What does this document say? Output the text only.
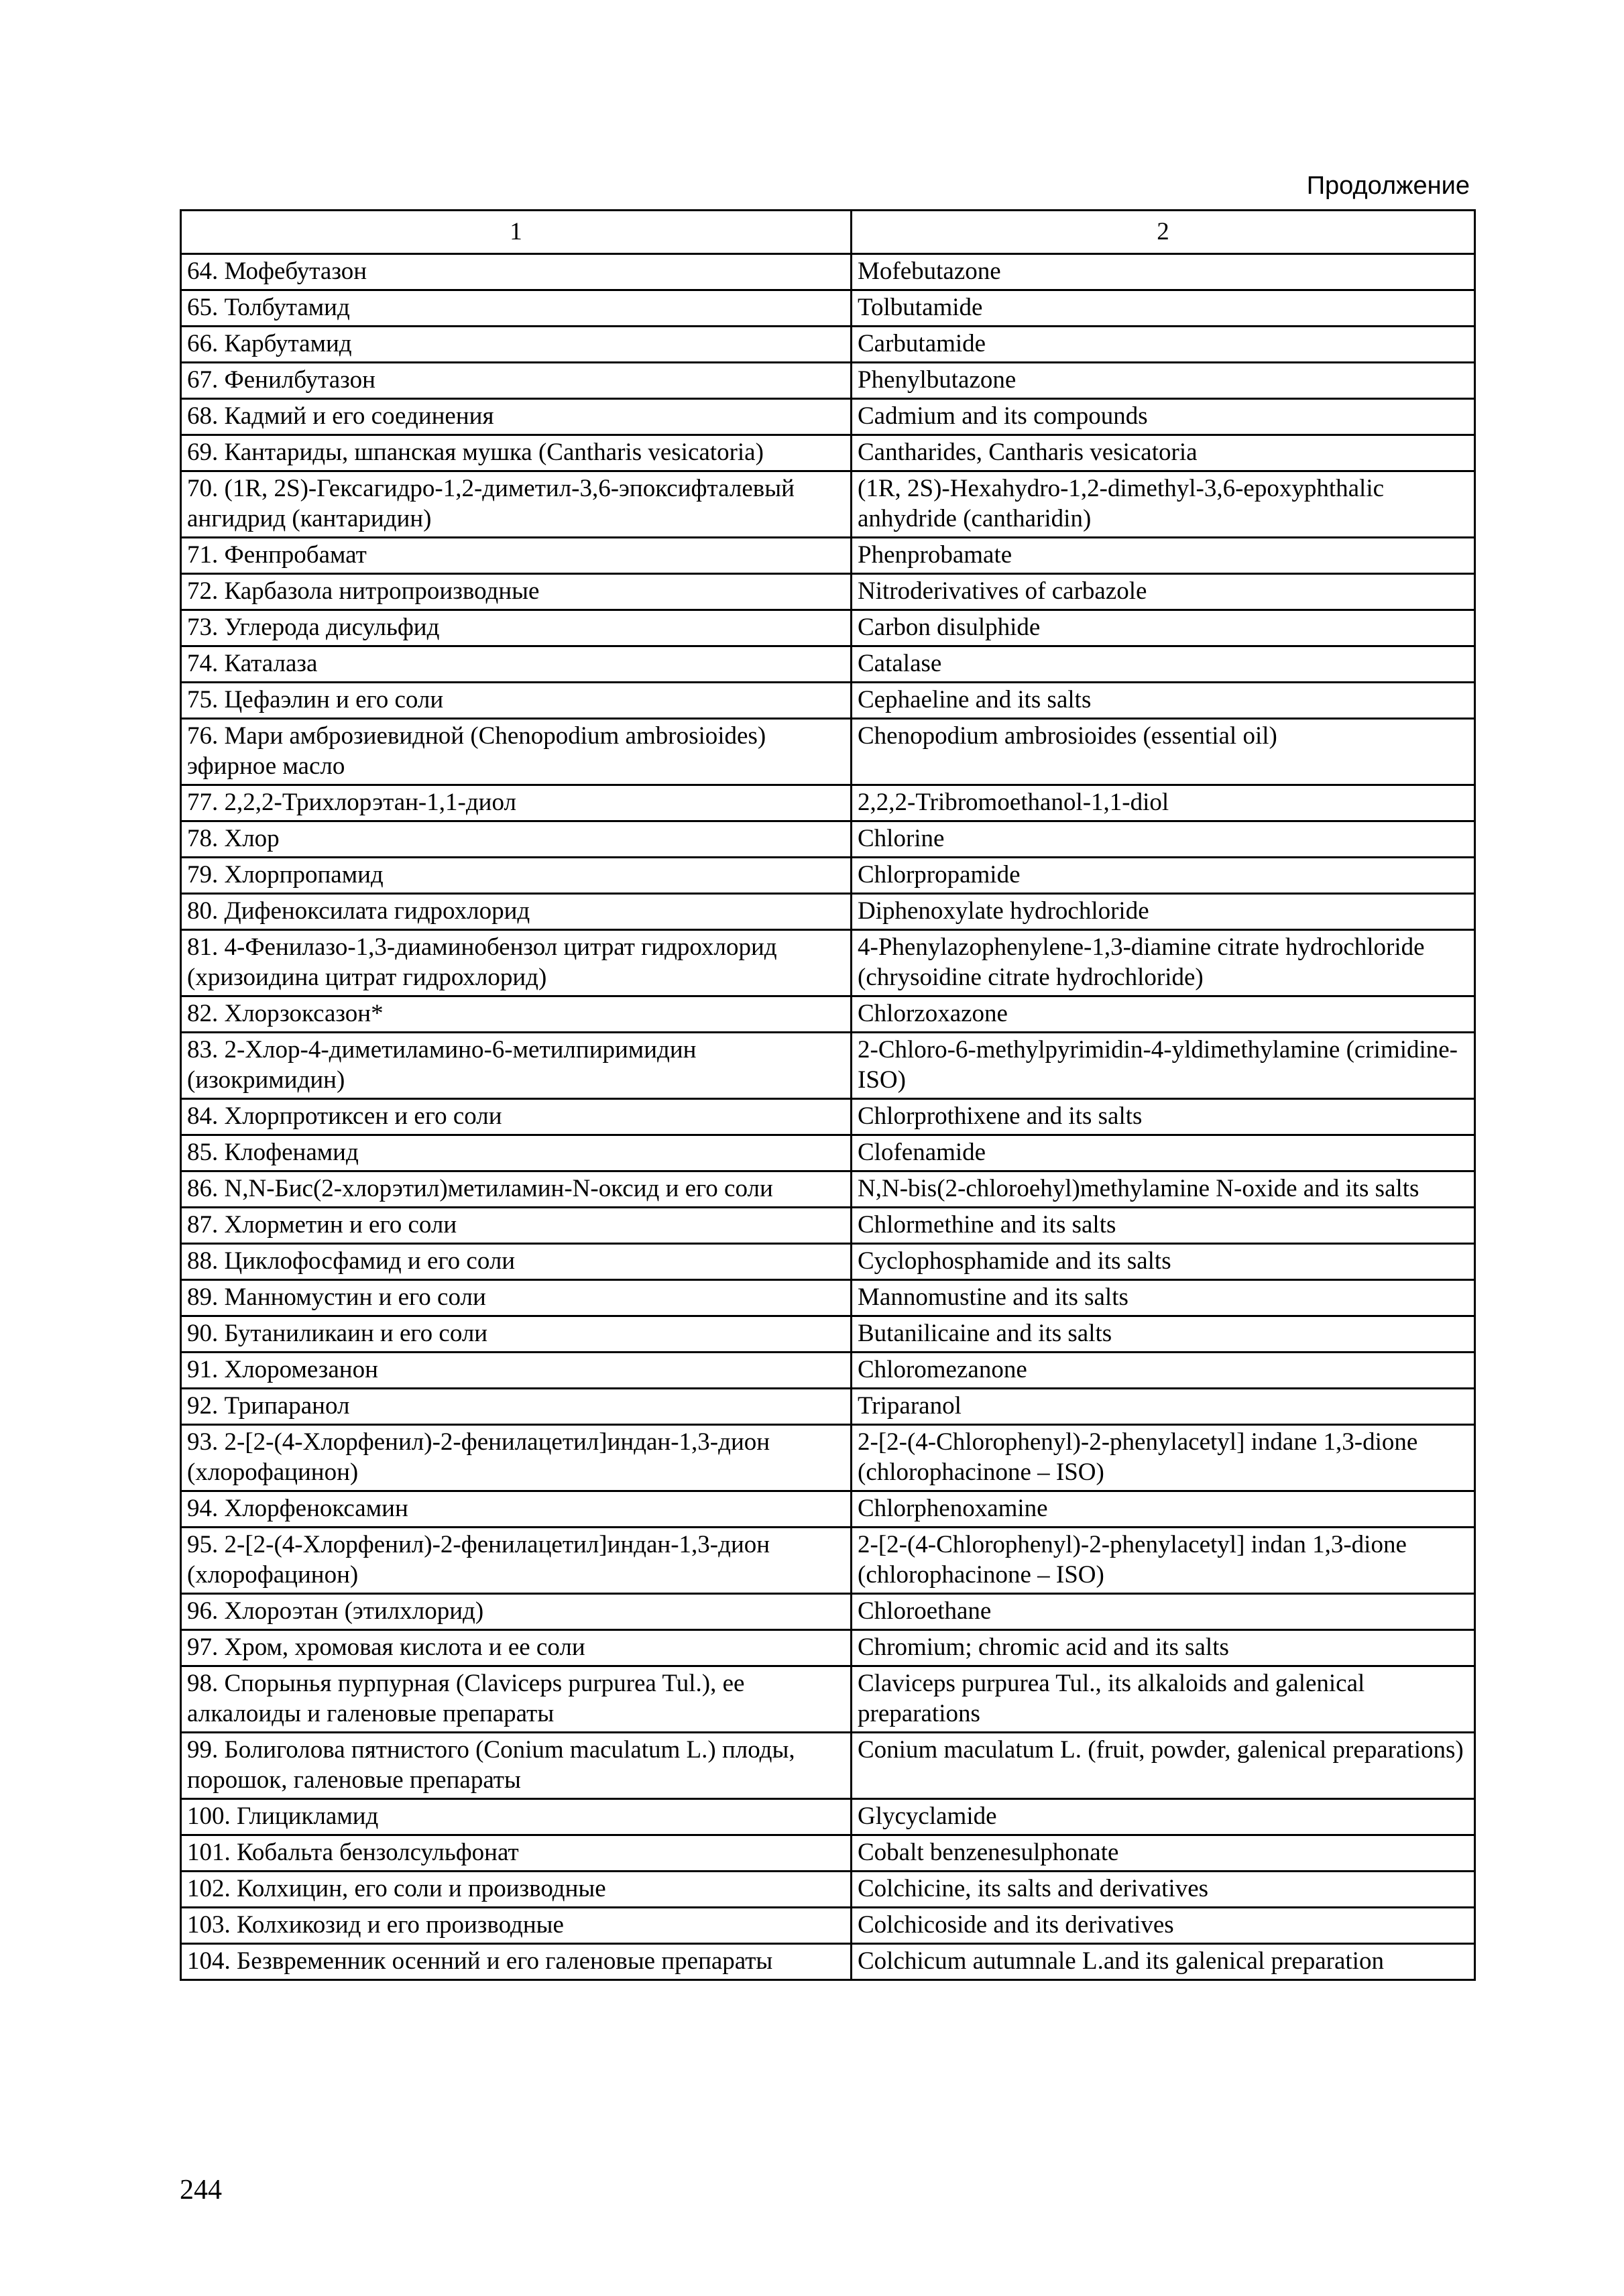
Продолжение
1	2
64. Мофебутазон	Mofebutazone
65. Толбутамид	Tolbutamide
66. Карбутамид	Carbutamide
67. Фенилбутазон	Phenylbutazone
68. Кадмий и его соединения	Cadmium and its compounds
69. Кантариды, шпанская мушка (Cantharis vesicatoria)	Cantharides, Cantharis vesicatoria
70. (1R, 2S)-Гексагидро-1,2-диметил-3,6-эпоксифталевый ангидрид (кантаридин)	(1R, 2S)-Hexahydro-1,2-dimethyl-3,6-epoxyphthalic anhydride (cantharidin)
71. Фенпробамат	Phenprobamate
72. Карбазола нитропроизводные	Nitroderivatives of carbazole
73. Углерода дисульфид	Carbon disulphide
74. Каталаза	Catalase
75. Цефаэлин и его соли	Cephaeline and its salts
76. Мари амброзиевидной (Chenopodium ambrosioides) эфирное масло	Chenopodium ambrosioides (essential oil)
77. 2,2,2-Трихлорэтан-1,1-диол	2,2,2-Tribromoethanol-1,1-diol
78. Хлор	Chlorine
79. Хлорпропамид	Chlorpropamide
80. Дифеноксилата гидрохлорид	Diphenoxylate hydrochloride
81. 4-Фенилазо-1,3-диаминобензол цитрат гидрохлорид (хризоидина цитрат гидрохлорид)	4-Phenylazophenylene-1,3-diamine citrate hydrochloride (chrysoidine citrate hydrochloride)
82. Хлорзоксазон*	Chlorzoxazone
83. 2-Хлор-4-диметиламино-6-метилпиримидин (изокримидин)	2-Chloro-6-methylpyrimidin-4-yldimethylamine (crimidine-ISO)
84. Хлорпротиксен и его соли	Chlorprothixene and its salts
85. Клофенамид	Clofenamide
86. N,N-Бис(2-хлорэтил)метиламин-N-оксид и его соли	N,N-bis(2-chloroehyl)methylamine N-oxide and its salts
87. Хлорметин и его соли	Chlormethine and its salts
88. Циклофосфамид и его соли	Cyclophosphamide and its salts
89. Манномустин и его соли	Mannomustine and its salts
90. Бутаниликаин и его соли	Butanilicaine and its salts
91. Хлоромезанон	Chloromezanone
92. Трипаранол	Triparanol
93. 2-[2-(4-Хлорфенил)-2-фенилацетил]индан-1,3-дион (хлорофацинон)	2-[2-(4-Chlorophenyl)-2-phenylacetyl] indane 1,3-dione (chlorophacinone – ISO)
94. Хлорфеноксамин	Chlorphenoxamine
95. 2-[2-(4-Хлорфенил)-2-фенилацетил]индан-1,3-дион (хлорофацинон)	2-[2-(4-Chlorophenyl)-2-phenylacetyl] indan 1,3-dione (chlorophacinone – ISO)
96. Хлороэтан (этилхлорид)	Chloroethane
97. Хром, хромовая кислота и ее соли	Chromium; chromic acid and its salts
98. Спорынья пурпурная (Claviceps purpurea Tul.), ее алкалоиды и галеновые препараты	Claviceps purpurea Tul., its alkaloids and galenical preparations
99. Болиголова пятнистого (Conium maculatum L.) плоды, порошок, галеновые препараты	Conium maculatum L. (fruit, powder, galenical preparations)
100. Глицикламид	Glycyclamide
101. Кобальта бензолсульфонат	Cobalt benzenesulphonate
102. Колхицин, его соли и производные	Colchicine, its salts and derivatives
103. Колхикозид и его производные	Colchicoside and its derivatives
104. Безвременник осенний и его галеновые препараты	Colchicum autumnale L.and its galenical preparation
244
